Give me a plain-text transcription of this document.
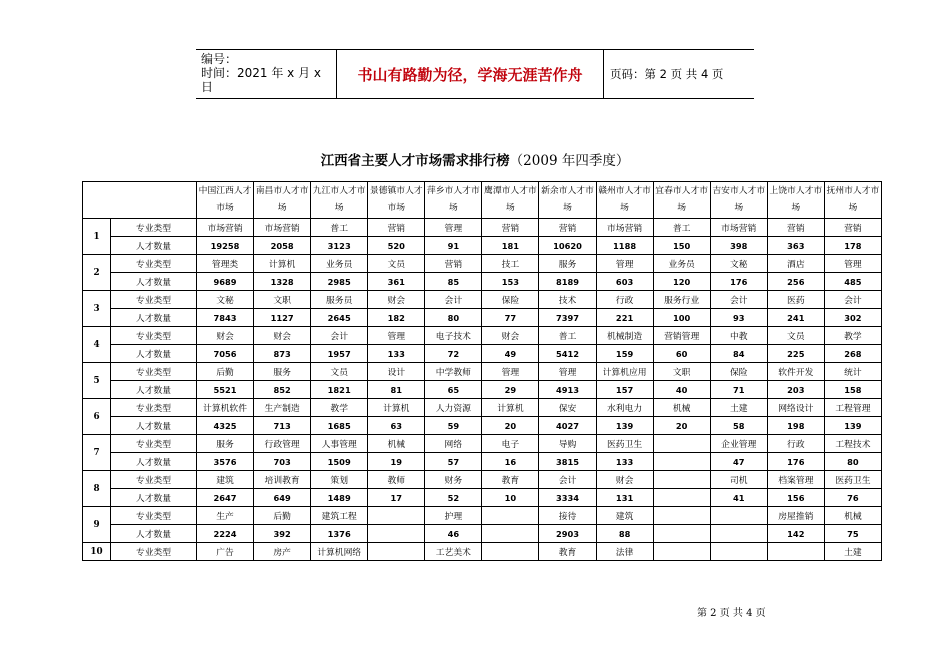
编号：
时间：2021 年 x 月 x 日
书山有路勤为径，学海无涯苦作舟	页码：第 2 页 共 4 页
江西省主要人才市场需求排行榜（2009 年四季度）
		中国江西人才市场	南昌市人才市场	九江市人才市场	景德镇市人才市场	萍乡市人才市场	鹰潭市人才市场	新余市人才市场	赣州市人才市场	宜春市人才市场	吉安市人才市场	上饶市人才市场	抚州市人才市场
1	专业类型	市场营销	市场营销	普工	营销	管理	营销	营销	市场营销	普工	市场营销	营销	营销
	人才数量	19258	2058	3123	520	91	181	10620	1188	150	398	363	178
2	专业类型	管理类	计算机	业务员	文员	营销	技工	服务	管理	业务员	文秘	酒店	管理
	人才数量	9689	1328	2985	361	85	153	8189	603	120	176	256	485
3	专业类型	文秘	文职	服务员	财会	会计	保险	技术	行政	服务行业	会计	医药	会计
	人才数量	7843	1127	2645	182	80	77	7397	221	100	93	241	302
4	专业类型	财会	财会	会计	管理	电子技术	财会	普工	机械制造	营销管理	中教	文员	教学
	人才数量	7056	873	1957	133	72	49	5412	159	60	84	225	268
5	专业类型	后勤	服务	文员	设计	中学教师	管理	管理	计算机应用	文职	保险	软件开发	统计
	人才数量	5521	852	1821	81	65	29	4913	157	40	71	203	158
6	专业类型	计算机软件	生产制造	教学	计算机	人力资源	计算机	保安	水利电力	机械	土建	网络设计	工程管理
	人才数量	4325	713	1685	63	59	20	4027	139	20	58	198	139
7	专业类型	服务	行政管理	人事管理	机械	网络	电子	导购	医药卫生		企业管理	行政	工程技术
	人才数量	3576	703	1509	19	57	16	3815	133		47	176	80
8	专业类型	建筑	培训教育	策划	教师	财务	教育	会计	财会		司机	档案管理	医药卫生
	人才数量	2647	649	1489	17	52	10	3334	131		41	156	76
9	专业类型	生产	后勤	建筑工程		护理		接待	建筑			房屋推销	机械
	人才数量	2224	392	1376		46		2903	88			142	75
10	专业类型	广告	房产	计算机网络		工艺美术		教育	法律				土建
第 2 页 共 4 页
